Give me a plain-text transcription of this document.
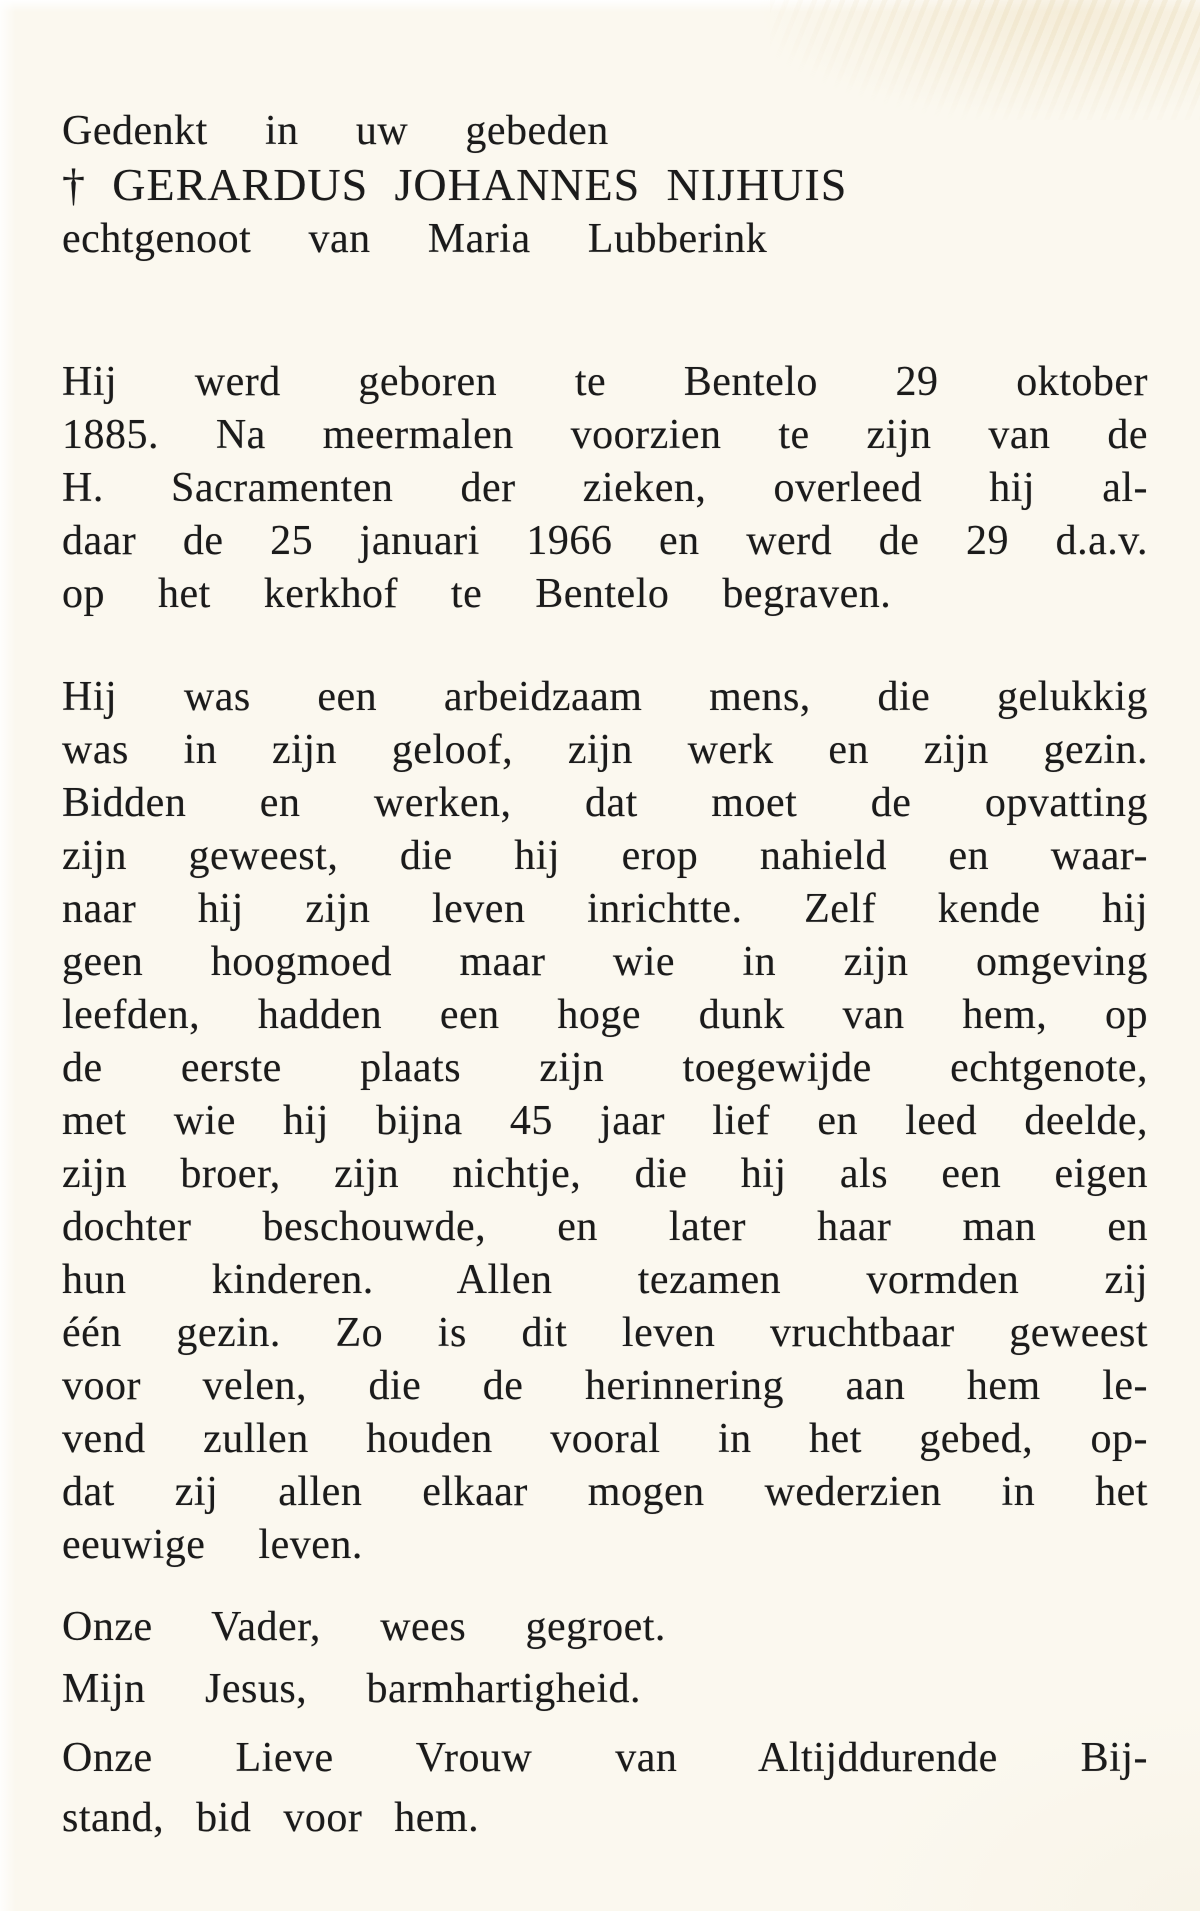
Gedenkt in uw gebeden
† GERARDUS JOHANNES NIJHUIS
echtgenoot van Maria Lubberink
Hij werd geboren te Bentelo 29 oktober
1885. Na meermalen voorzien te zijn van de
H. Sacramenten der zieken, overleed hij al-
daar de 25 januari 1966 en werd de 29 d.a.v.
op het kerkhof te Bentelo begraven.
Hij was een arbeidzaam mens, die gelukkig
was in zijn geloof, zijn werk en zijn gezin.
Bidden en werken, dat moet de opvatting
zijn geweest, die hij erop nahield en waar-
naar hij zijn leven inrichtte. Zelf kende hij
geen hoogmoed maar wie in zijn omgeving
leefden, hadden een hoge dunk van hem, op
de eerste plaats zijn toegewijde echtgenote,
met wie hij bijna 45 jaar lief en leed deelde,
zijn broer, zijn nichtje, die hij als een eigen
dochter beschouwde, en later haar man en
hun kinderen. Allen tezamen vormden zij
één gezin. Zo is dit leven vruchtbaar geweest
voor velen, die de herinnering aan hem le-
vend zullen houden vooral in het gebed, op-
dat zij allen elkaar mogen wederzien in het
eeuwige leven.
Onze Vader, wees gegroet.
Mijn Jesus, barmhartigheid.
Onze Lieve Vrouw van Altijddurende Bij-
stand, bid voor hem.
